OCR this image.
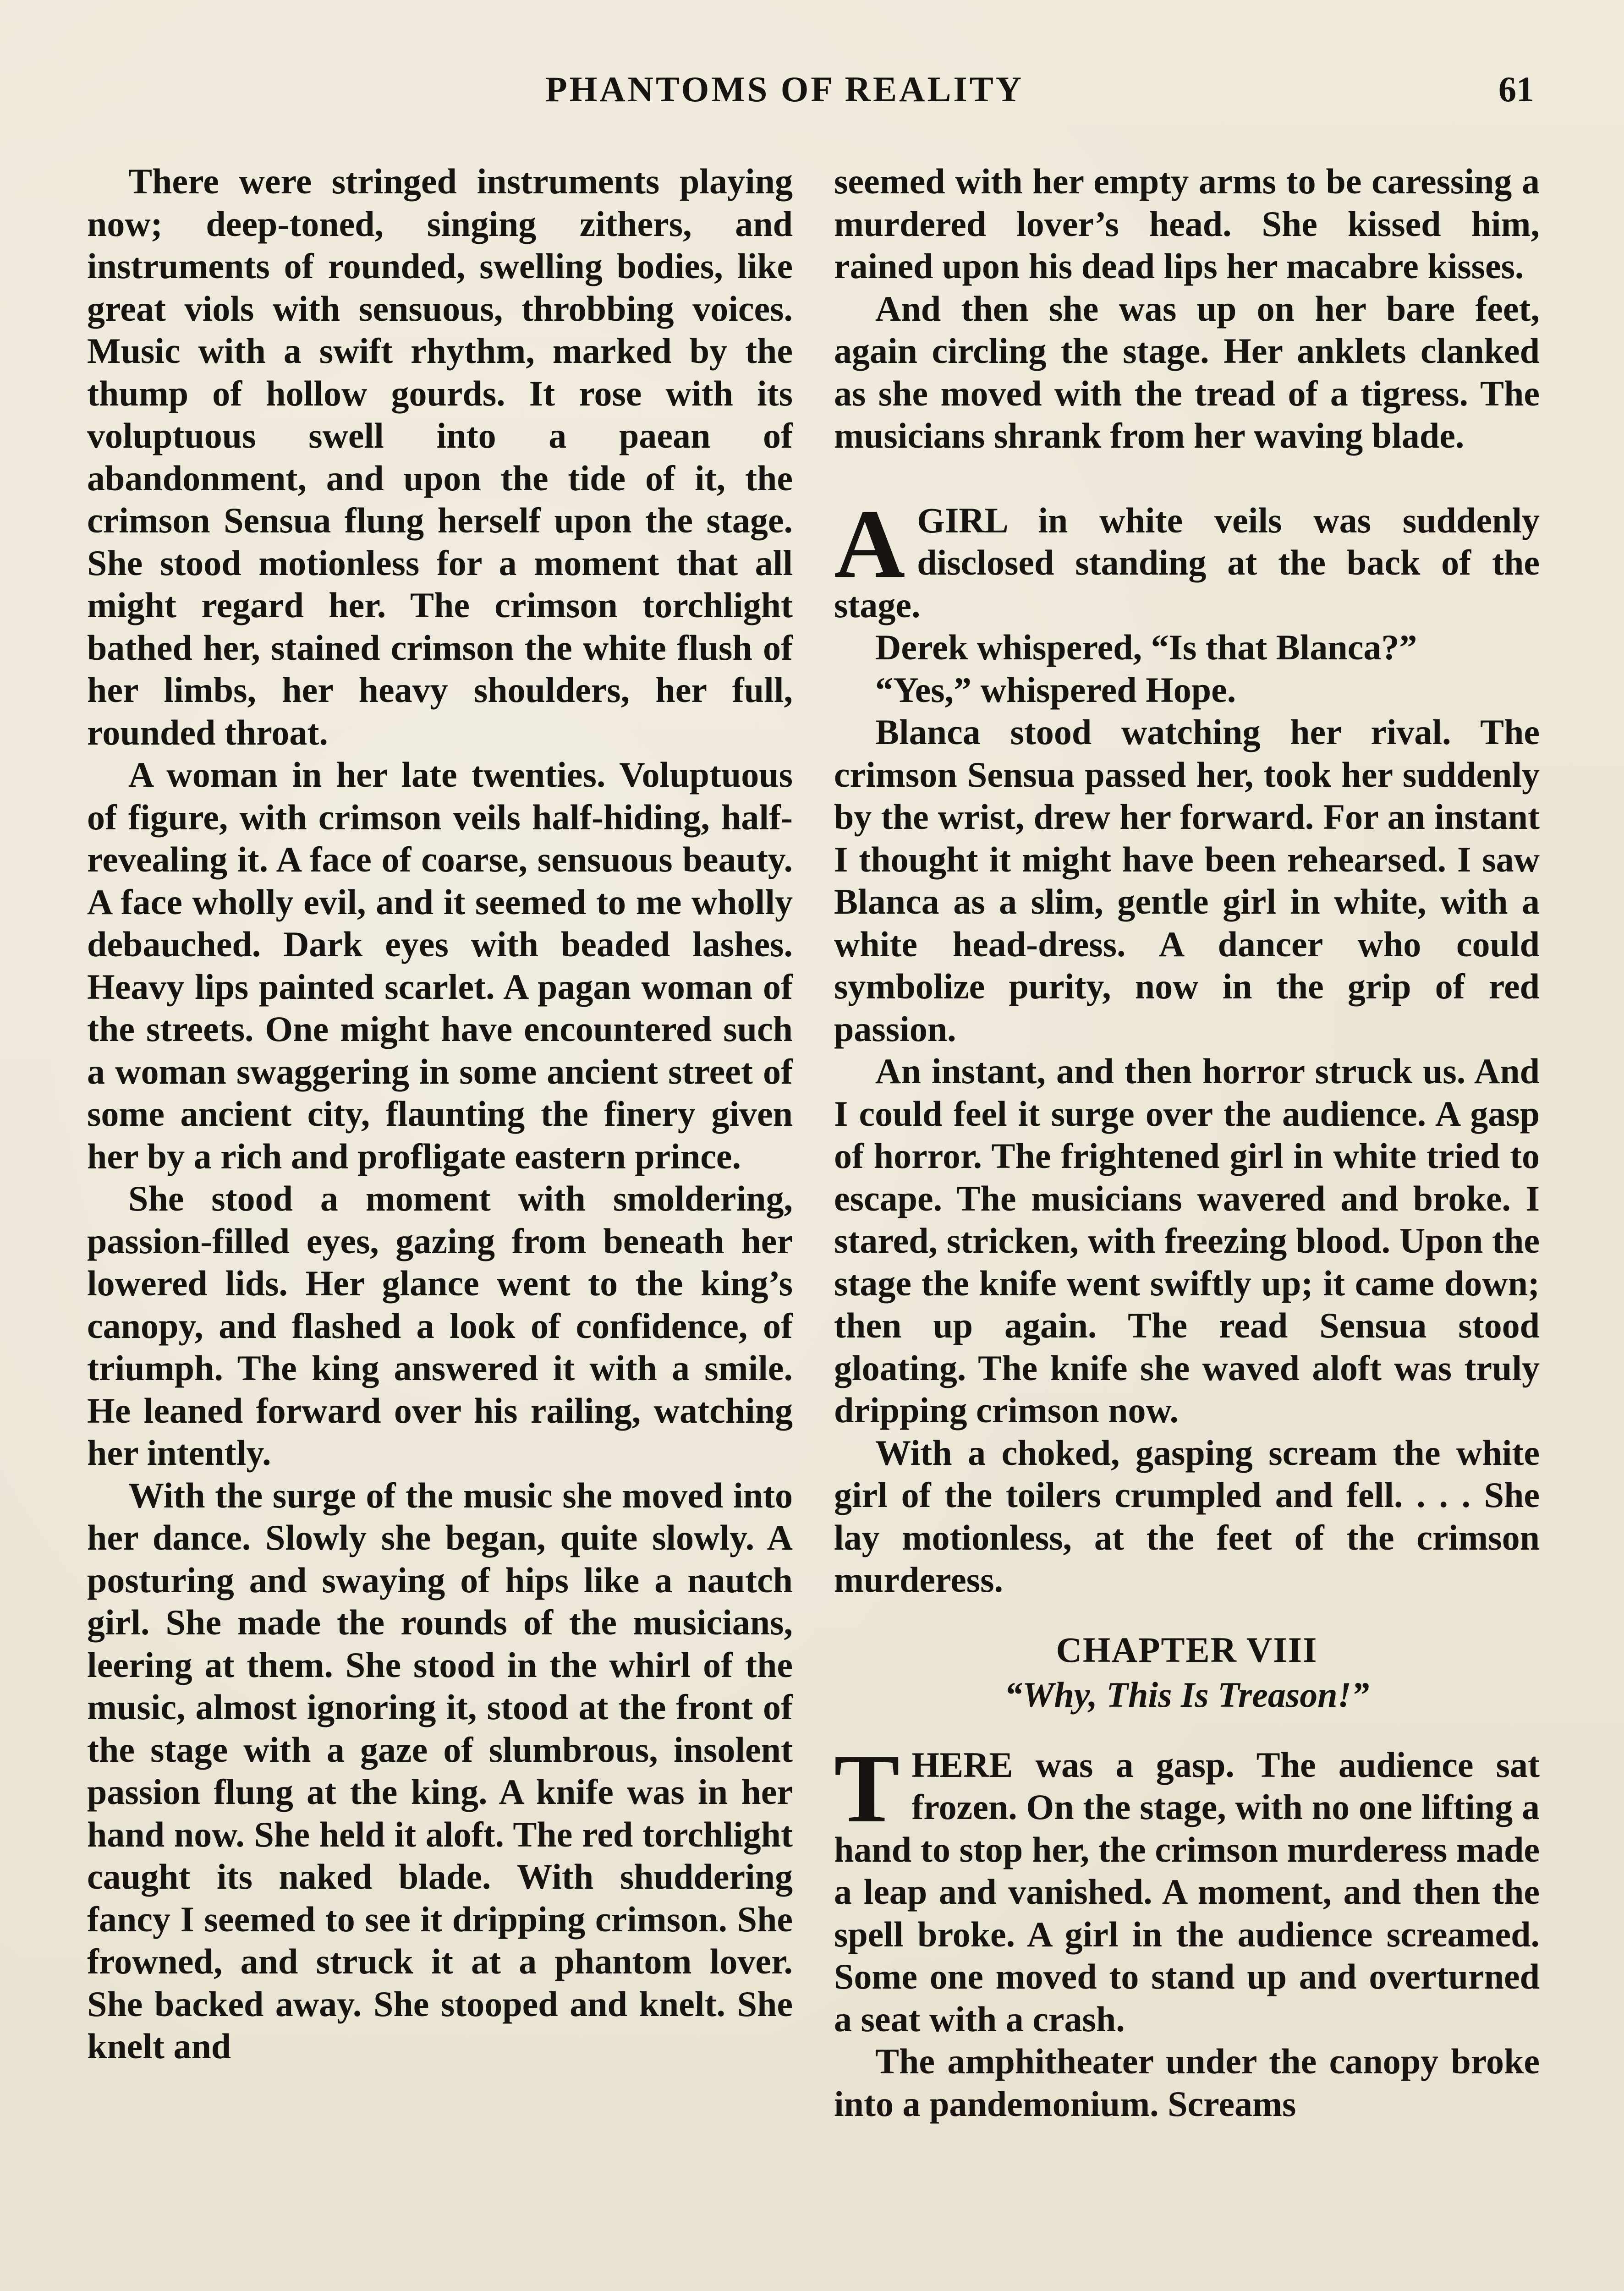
PHANTOMS OF REALITY	61

There were stringed instruments playing now; deep-toned, singing zithers, and instruments of rounded, swelling bodies, like great viols with sensuous, throbbing voices. Music with a swift rhythm, marked by the thump of hollow gourds. It rose with its voluptuous swell into a paean of abandonment, and upon the tide of it, the crimson Sensua flung herself upon the stage. She stood motionless for a moment that all might regard her. The crimson torchlight bathed her, stained crimson the white flush of her limbs, her heavy shoulders, her full, rounded throat.

A woman in her late twenties. Voluptuous of figure, with crimson veils half-hiding, half-revealing it. A face of coarse, sensuous beauty. A face wholly evil, and it seemed to me wholly debauched. Dark eyes with beaded lashes. Heavy lips painted scarlet. A pagan woman of the streets. One might have encountered such a woman swaggering in some ancient street of some ancient city, flaunting the finery given her by a rich and profligate eastern prince.

She stood a moment with smoldering, passion-filled eyes, gazing from beneath her lowered lids. Her glance went to the king’s canopy, and flashed a look of confidence, of triumph. The king answered it with a smile. He leaned forward over his railing, watching her intently.

With the surge of the music she moved into her dance. Slowly she began, quite slowly. A posturing and swaying of hips like a nautch girl. She made the rounds of the musicians, leering at them. She stood in the whirl of the music, almost ignoring it, stood at the front of the stage with a gaze of slumbrous, insolent passion flung at the king. A knife was in her hand now. She held it aloft. The red torchlight caught its naked blade. With shuddering fancy I seemed to see it dripping crimson. She frowned, and struck it at a phantom lover. She backed away. She stooped and knelt. She knelt and

seemed with her empty arms to be caressing a murdered lover’s head. She kissed him, rained upon his dead lips her macabre kisses.

And then she was up on her bare feet, again circling the stage. Her anklets clanked as she moved with the tread of a tigress. The musicians shrank from her waving blade.

AGIRL in white veils was suddenly disclosed standing at the back of the stage.

Derek whispered, “Is that Blanca?”

“Yes,” whispered Hope.

Blanca stood watching her rival. The crimson Sensua passed her, took her suddenly by the wrist, drew her forward. For an instant I thought it might have been rehearsed. I saw Blanca as a slim, gentle girl in white, with a white head-dress. A dancer who could symbolize purity, now in the grip of red passion.

An instant, and then horror struck us. And I could feel it surge over the audience. A gasp of horror. The frightened girl in white tried to escape. The musicians wavered and broke. I stared, stricken, with freezing blood. Upon the stage the knife went swiftly up; it came down; then up again. The read Sensua stood gloating. The knife she waved aloft was truly dripping crimson now.

With a choked, gasping scream the white girl of the toilers crumpled and fell. . . . She lay motionless, at the feet of the crimson murderess.

CHAPTER VIII

“Why, This Is Treason!”

THERE was a gasp. The audience sat frozen. On the stage, with no one lifting a hand to stop her, the crimson murderess made a leap and vanished. A moment, and then the spell broke. A girl in the audience screamed. Some one moved to stand up and overturned a seat with a crash.

The amphitheater under the canopy broke into a pandemonium. Screams
